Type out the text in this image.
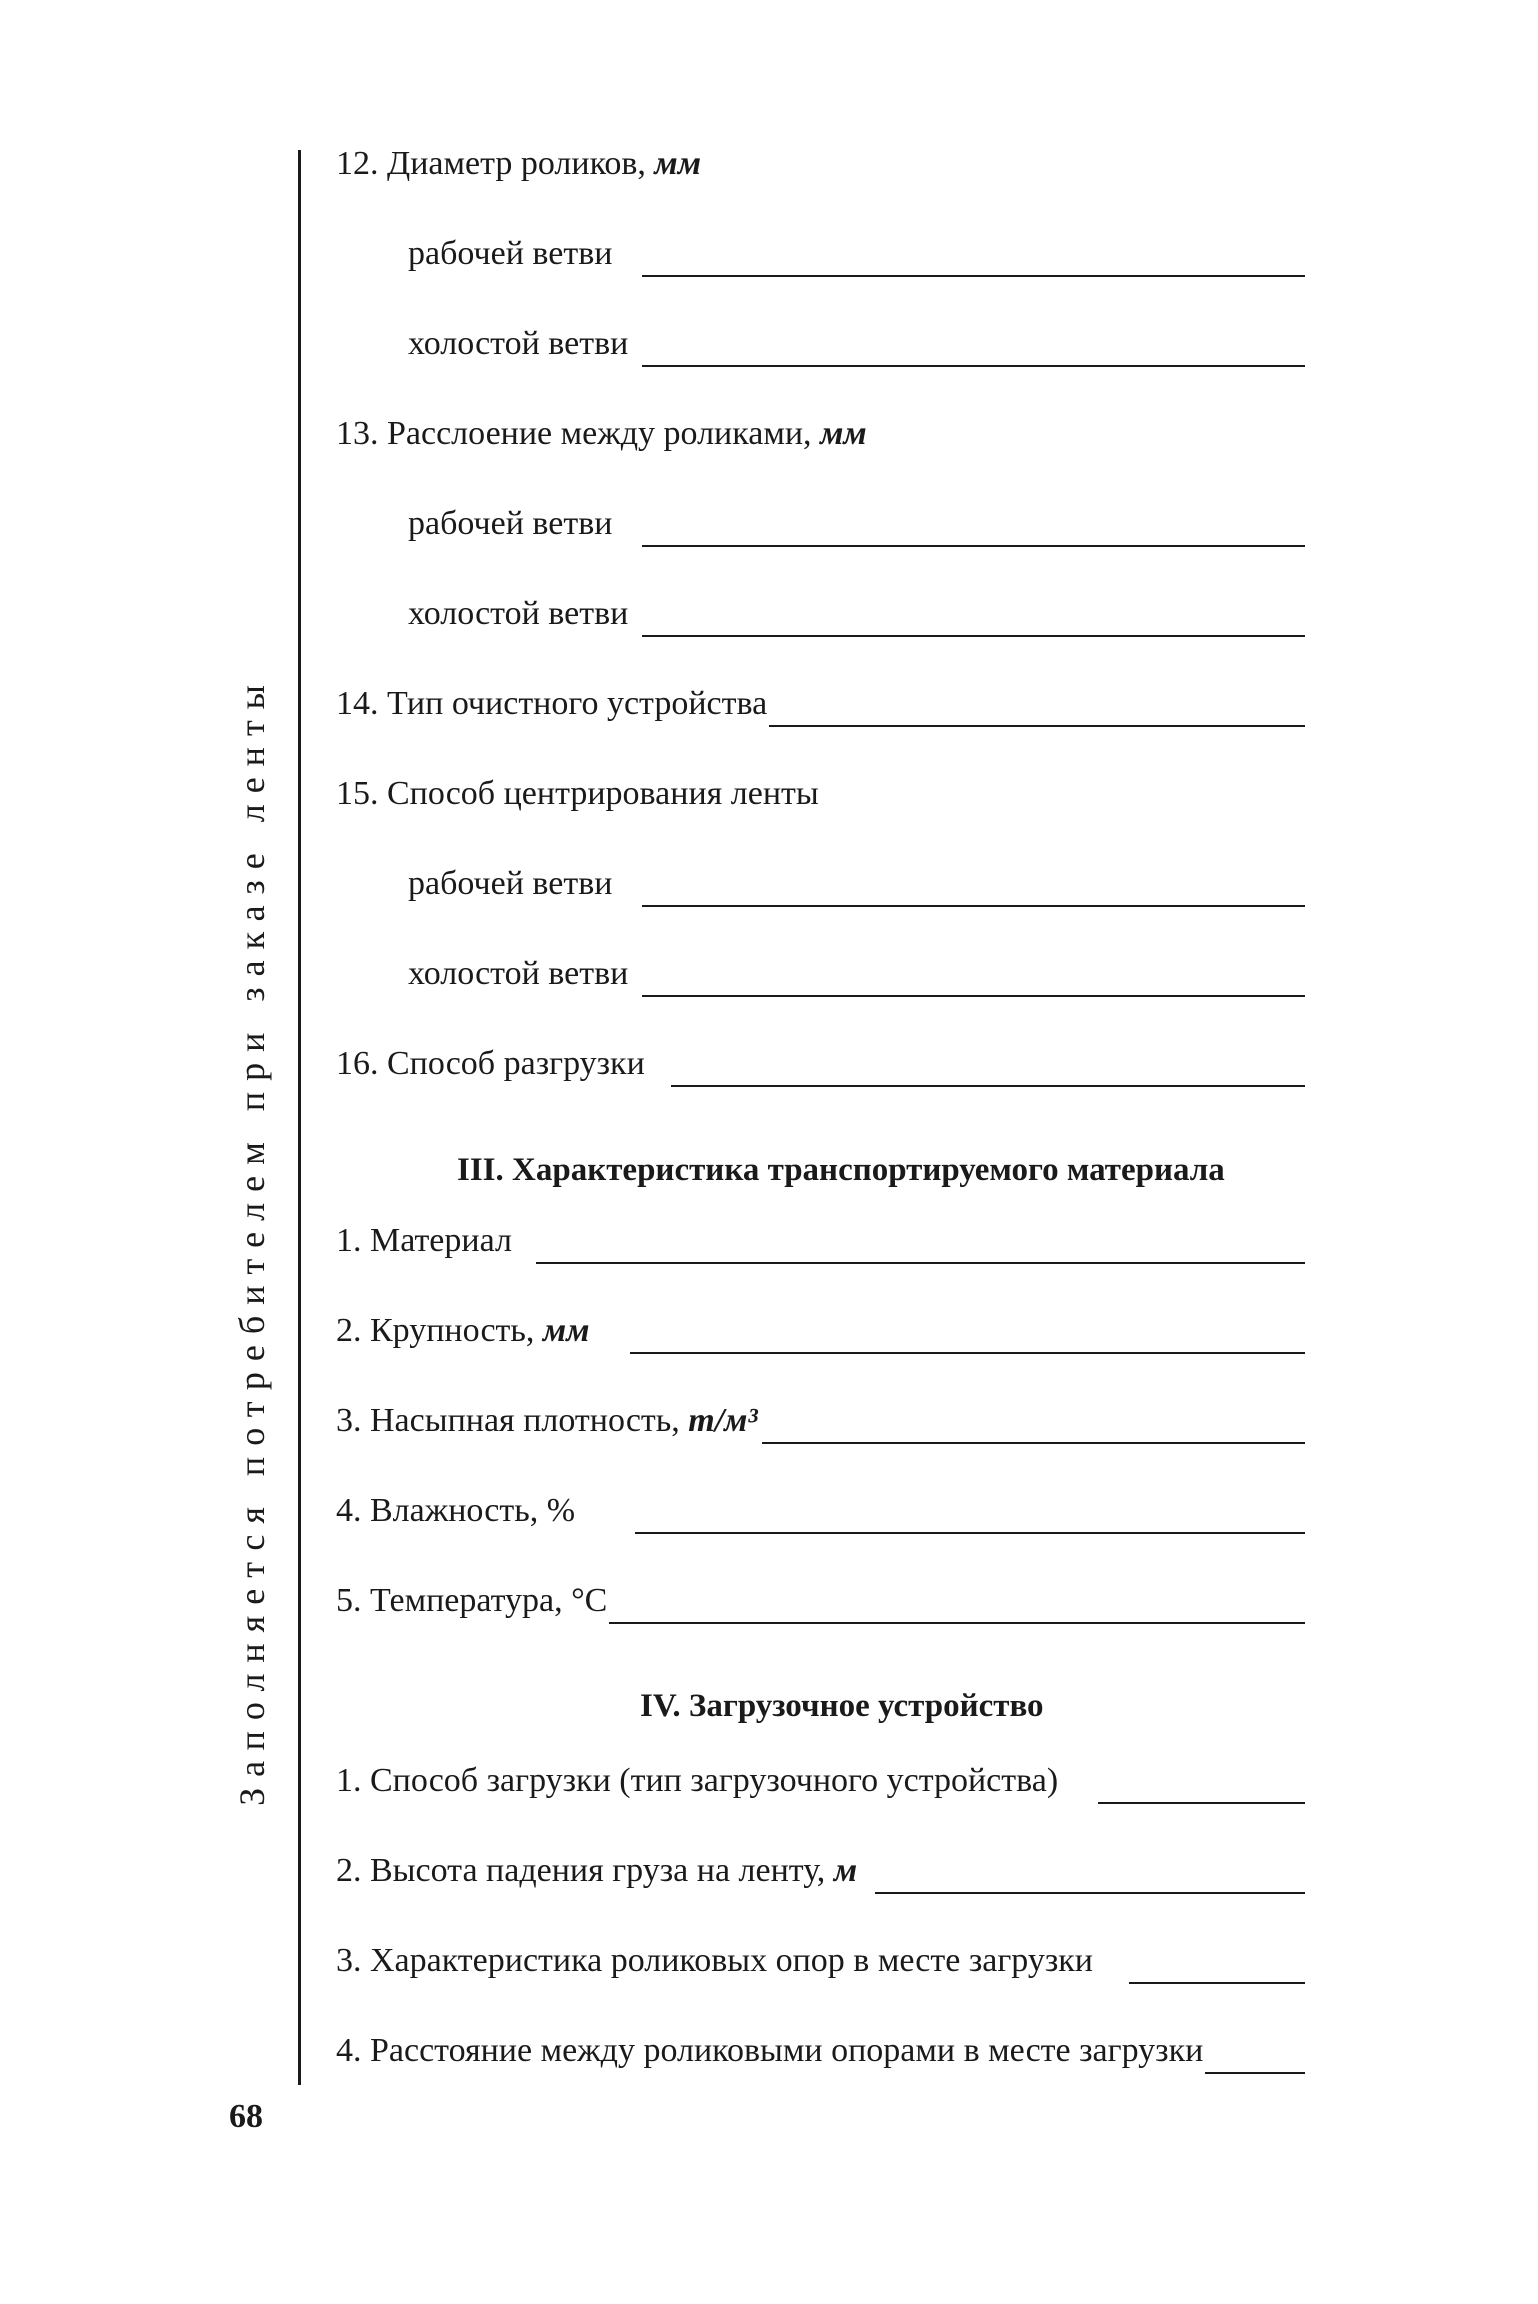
Заполняется потребителем при заказе ленты
12.
Диаметр роликов,
мм
рабочей ветви
холостой ветви
13.
Расслоение между роликами,
мм
рабочей ветви
холостой ветви
14.
Тип очистного устройства
15.
Способ центрирования ленты
рабочей ветви
холостой ветви
16.
Способ разгрузки
III. Характеристика транспортируемого материала
1.
Материал
2.
Крупность,
мм
3.
Насыпная плотность,
т/м³
4.
Влажность, %
5.
Температура, °С
IV. Загрузочное устройство
1.
Способ загрузки (тип загрузочного устройства)
2.
Высота падения груза на ленту,
м
3.
Характеристика роликовых опор в месте загрузки
4.
Расстояние между роликовыми опорами в месте загрузки
68
